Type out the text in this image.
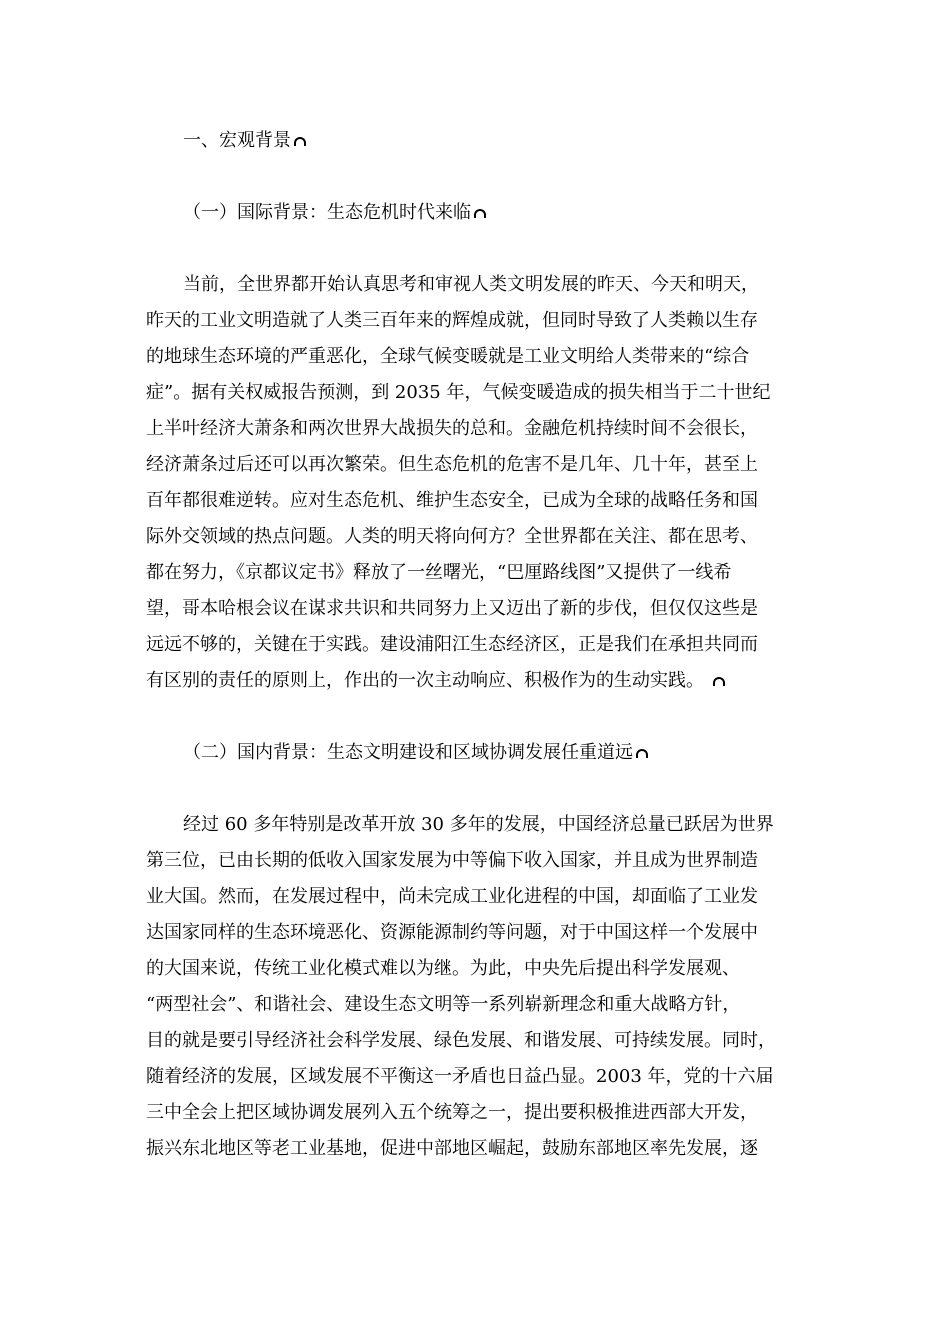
一、宏观背景
（一）国际背景：生态危机时代来临
当前，全世界都开始认真思考和审视人类文明发展的昨天、今天和明天，
昨天的工业文明造就了人类三百年来的辉煌成就，但同时导致了人类赖以生存
的地球生态环境的严重恶化，全球气候变暖就是工业文明给人类带来的“综合
症”。据有关权威报告预测，到 2035 年，气候变暖造成的损失相当于二十世纪
上半叶经济大萧条和两次世界大战损失的总和。金融危机持续时间不会很长，
经济萧条过后还可以再次繁荣。但生态危机的危害不是几年、几十年，甚至上
百年都很难逆转。应对生态危机、维护生态安全，已成为全球的战略任务和国
际外交领域的热点问题。人类的明天将向何方？全世界都在关注、都在思考、
都在努力，《京都议定书》释放了一丝曙光，“巴厘路线图”又提供了一线希
望，哥本哈根会议在谋求共识和共同努力上又迈出了新的步伐，但仅仅这些是
远远不够的，关键在于实践。建设浦阳江生态经济区，正是我们在承担共同而
有区别的责任的原则上，作出的一次主动响应、积极作为的生动实践。
（二）国内背景：生态文明建设和区域协调发展任重道远
经过 60 多年特别是改革开放 30 多年的发展，中国经济总量已跃居为世界
第三位，已由长期的低收入国家发展为中等偏下收入国家，并且成为世界制造
业大国。然而，在发展过程中，尚未完成工业化进程的中国，却面临了工业发
达国家同样的生态环境恶化、资源能源制约等问题，对于中国这样一个发展中
的大国来说，传统工业化模式难以为继。为此，中央先后提出科学发展观、
“两型社会”、和谐社会、建设生态文明等一系列崭新理念和重大战略方针，
目的就是要引导经济社会科学发展、绿色发展、和谐发展、可持续发展。同时，
随着经济的发展，区域发展不平衡这一矛盾也日益凸显。2003 年，党的十六届
三中全会上把区域协调发展列入五个统筹之一，提出要积极推进西部大开发，
振兴东北地区等老工业基地，促进中部地区崛起，鼓励东部地区率先发展，逐
